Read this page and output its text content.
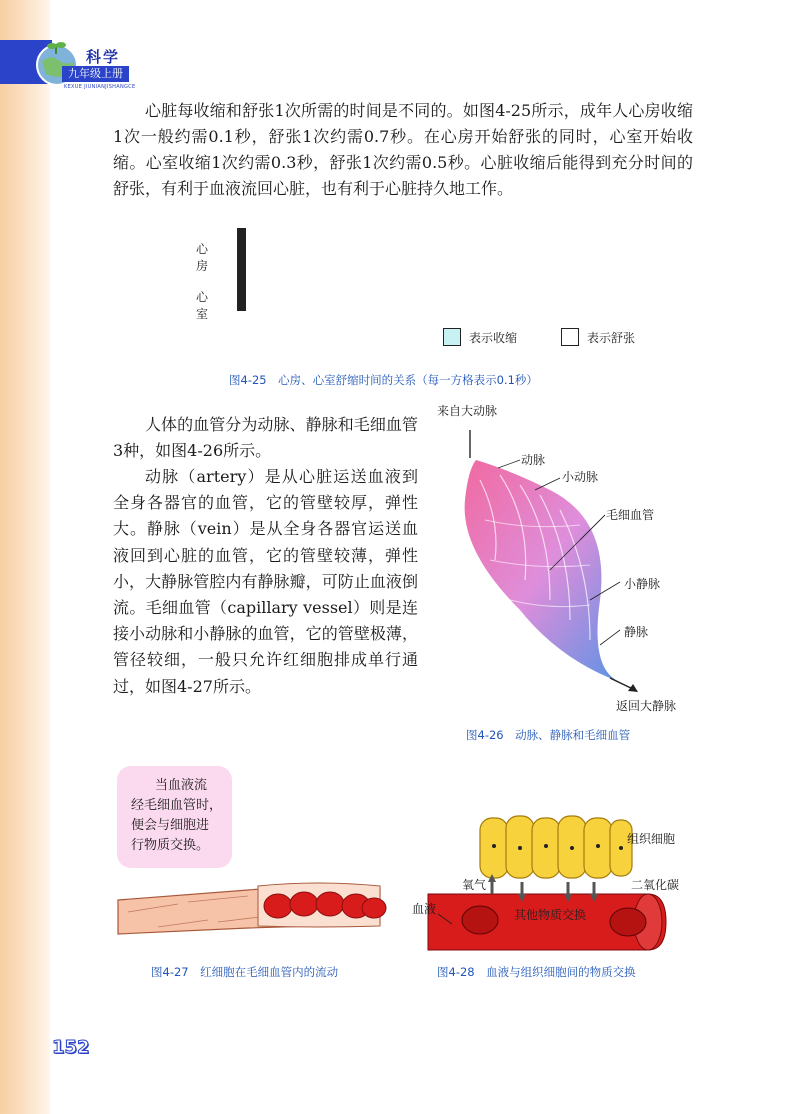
科学
九年级上册
KEXUE JIUNIANJISHANGCE
心脏每收缩和舒张1次所需的时间是不同的。如图4-25所示，成年人心房收缩1次一般约需0.1秒，舒张1次约需0.7秒。在心房开始舒张的同时，心室开始收缩。心室收缩1次约需0.3秒，舒张1次约需0.5秒。心脏收缩后能得到充分时间的舒张，有利于血液流回心脏，也有利于心脏持久地工作。
心房
心室

表示收缩	表示舒张
图4-25　心房、心室舒缩时间的关系（每一方格表示0.1秒）
人体的血管分为动脉、静脉和毛细血管3种，如图4-26所示。
动脉（artery）是从心脏运送血液到全身各器官的血管，它的管壁较厚，弹性大。静脉（vein）是从全身各器官运送血液回到心脏的血管，它的管壁较薄，弹性小，大静脉管腔内有静脉瓣，可防止血液倒流。毛细血管（capillary vessel）则是连接小动脉和小静脉的血管，它的管壁极薄，管径较细，一般只允许红细胞排成单行通过，如图4-27所示。
来自大动脉
动脉
小动脉
毛细血管
小静脉
静脉
返回大静脉
图4-26　动脉、静脉和毛细血管
当血液流
经毛细血管时，
便会与细胞进
行物质交换。
图4-27　红细胞在毛细血管内的流动
组织细胞
氧气	二氧化碳
血液	其他物质交换
图4-28　血液与组织细胞间的物质交换
152
